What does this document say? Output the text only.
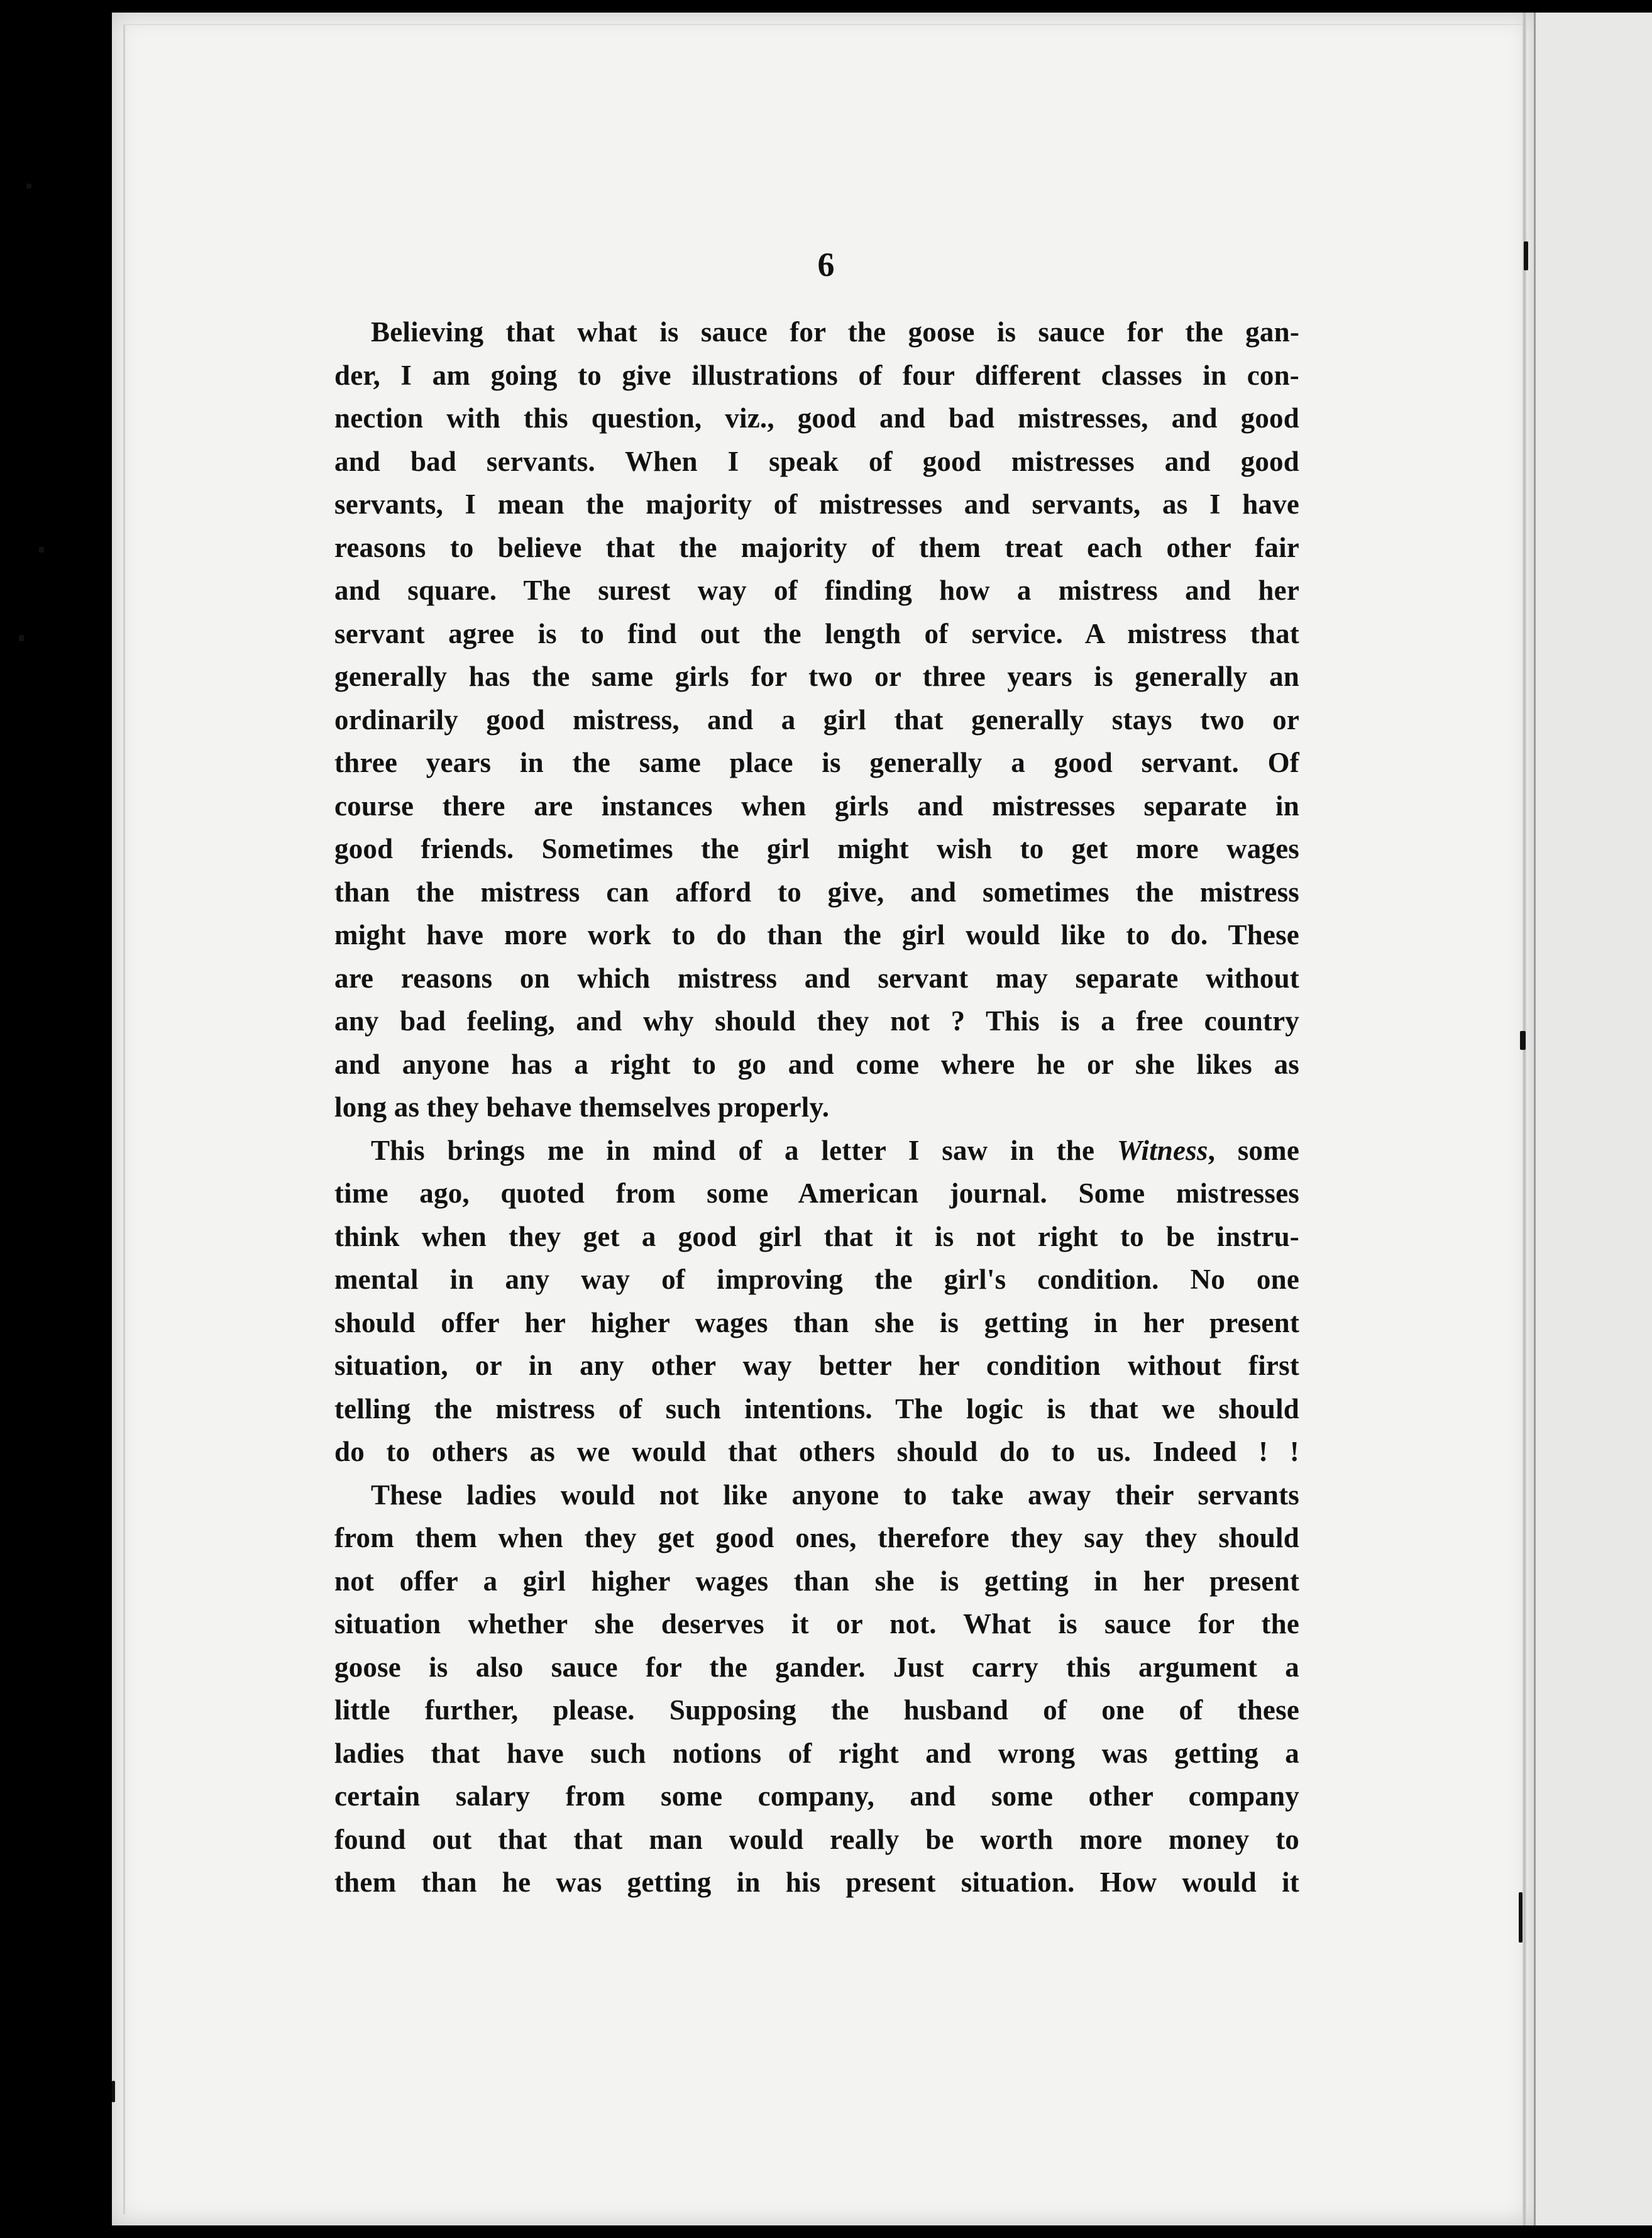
6
Believing that what is sauce for the goose is sauce for the gan-
der, I am going to give illustrations of four different classes in con-
nection with this question, viz., good and bad mistresses, and good
and bad servants. When I speak of good mistresses and good
servants, I mean the majority of mistresses and servants, as I have
reasons to believe that the majority of them treat each other fair
and square. The surest way of finding how a mistress and her
servant agree is to find out the length of service. A mistress that
generally has the same girls for two or three years is generally an
ordinarily good mistress, and a girl that generally stays two or
three years in the same place is generally a good servant. Of
course there are instances when girls and mistresses separate in
good friends. Sometimes the girl might wish to get more wages
than the mistress can afford to give, and sometimes the mistress
might have more work to do than the girl would like to do. These
are reasons on which mistress and servant may separate without
any bad feeling, and why should they not ? This is a free country
and anyone has a right to go and come where he or she likes as
long as they behave themselves properly.
This brings me in mind of a letter I saw in the Witness, some
time ago, quoted from some American journal. Some mistresses
think when they get a good girl that it is not right to be instru-
mental in any way of improving the girl's condition. No one
should offer her higher wages than she is getting in her present
situation, or in any other way better her condition without first
telling the mistress of such intentions. The logic is that we should
do to others as we would that others should do to us. Indeed ! !
These ladies would not like anyone to take away their servants
from them when they get good ones, therefore they say they should
not offer a girl higher wages than she is getting in her present
situation whether she deserves it or not. What is sauce for the
goose is also sauce for the gander. Just carry this argument a
little further, please. Supposing the husband of one of these
ladies that have such notions of right and wrong was getting a
certain salary from some company, and some other company
found out that that man would really be worth more money to
them than he was getting in his present situation. How would it
